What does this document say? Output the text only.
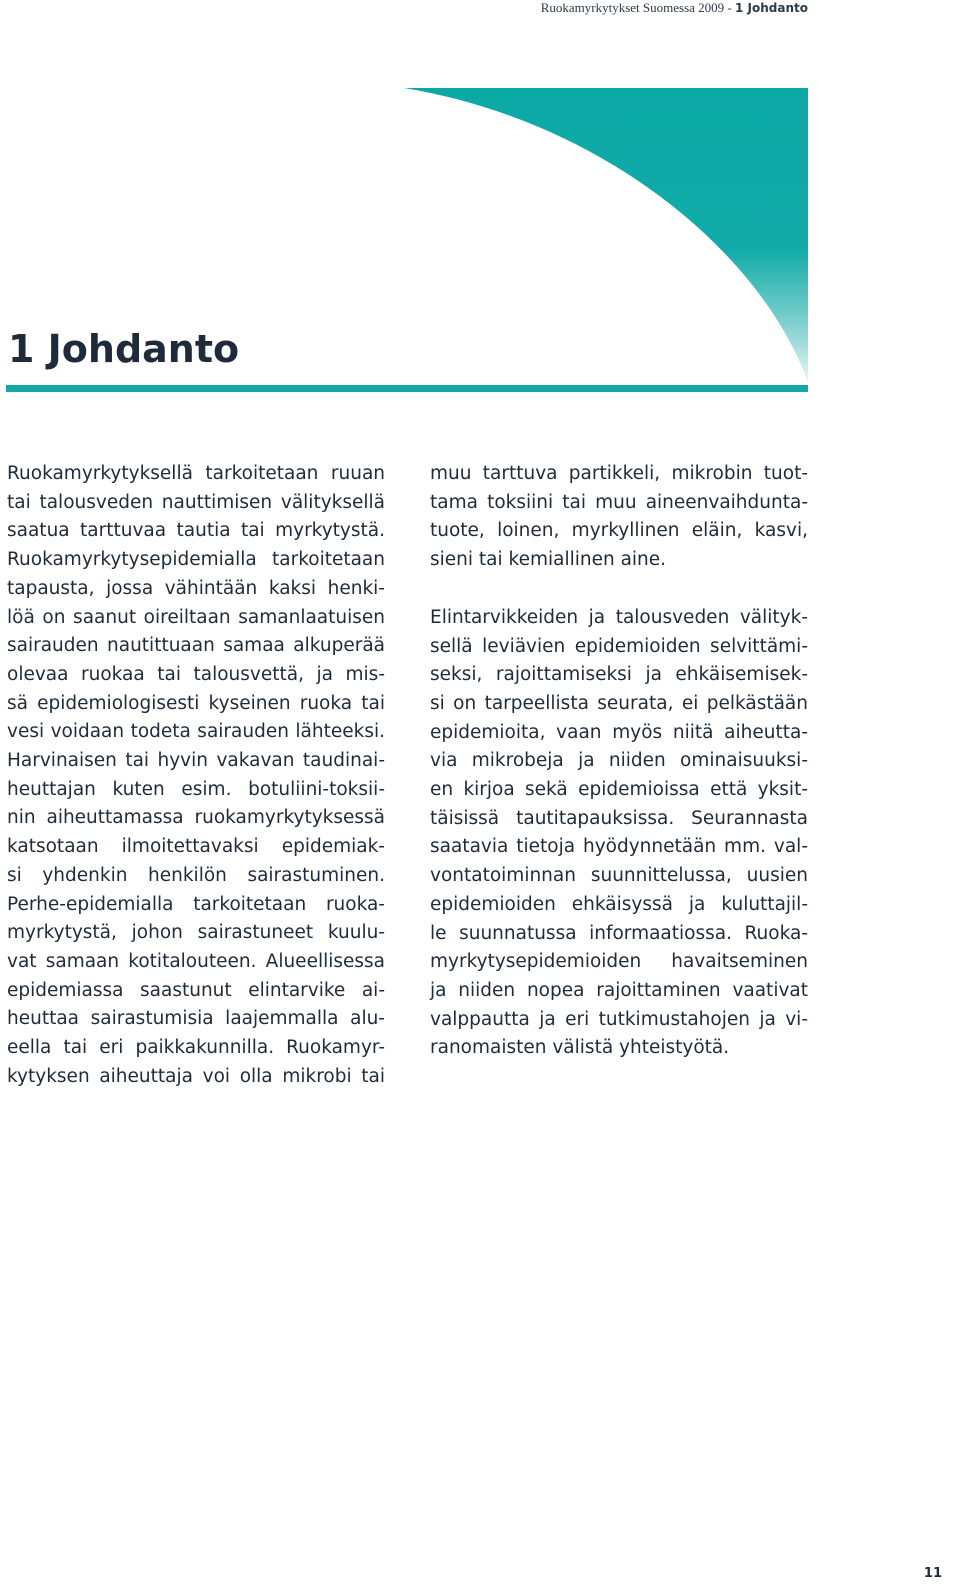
Ruokamyrkytykset Suomessa 2009 - 1 Johdanto
1 Johdanto

Ruokamyrkytyksellä tarkoitetaan ruuan
tai talousveden nauttimisen välityksellä
saatua tarttuvaa tautia tai myrkytystä.
Ruokamyrkytysepidemialla tarkoitetaan
tapausta, jossa vähintään kaksi henki-
löä on saanut oireiltaan samanlaatuisen
sairauden nautittuaan samaa alkuperää
olevaa ruokaa tai talousvettä, ja mis-
sä epidemiologisesti kyseinen ruoka tai
vesi voidaan todeta sairauden lähteeksi.
Harvinaisen tai hyvin vakavan taudinai-
heuttajan kuten esim. botuliini-toksii-
nin aiheuttamassa ruokamyrkytyksessä
katsotaan ilmoitettavaksi epidemiak-
si yhdenkin henkilön sairastuminen.
Perhe-epidemialla tarkoitetaan ruoka-
myrkytystä, johon sairastuneet kuulu-
vat samaan kotitalouteen. Alueellisessa
epidemiassa saastunut elintarvike ai-
heuttaa sairastumisia laajemmalla alu-
eella tai eri paikkakunnilla. Ruokamyr-
kytyksen aiheuttaja voi olla mikrobi tai

muu tarttuva partikkeli, mikrobin tuot-
tama toksiini tai muu aineenvaihdunta-
tuote, loinen, myrkyllinen eläin, kasvi,
sieni tai kemiallinen aine.

Elintarvikkeiden ja talousveden välityk-
sellä leviävien epidemioiden selvittämi-
seksi, rajoittamiseksi ja ehkäisemisek-
si on tarpeellista seurata, ei pelkästään
epidemioita, vaan myös niitä aiheutta-
via mikrobeja ja niiden ominaisuuksi-
en kirjoa sekä epidemioissa että yksit-
täisissä tautitapauksissa. Seurannasta
saatavia tietoja hyödynnetään mm. val-
vontatoiminnan suunnittelussa, uusien
epidemioiden ehkäisyssä ja kuluttajil-
le suunnatussa informaatiossa. Ruoka-
myrkytysepidemioiden havaitseminen
ja niiden nopea rajoittaminen vaativat
valppautta ja eri tutkimustahojen ja vi-
ranomaisten välistä yhteistyötä.

11
